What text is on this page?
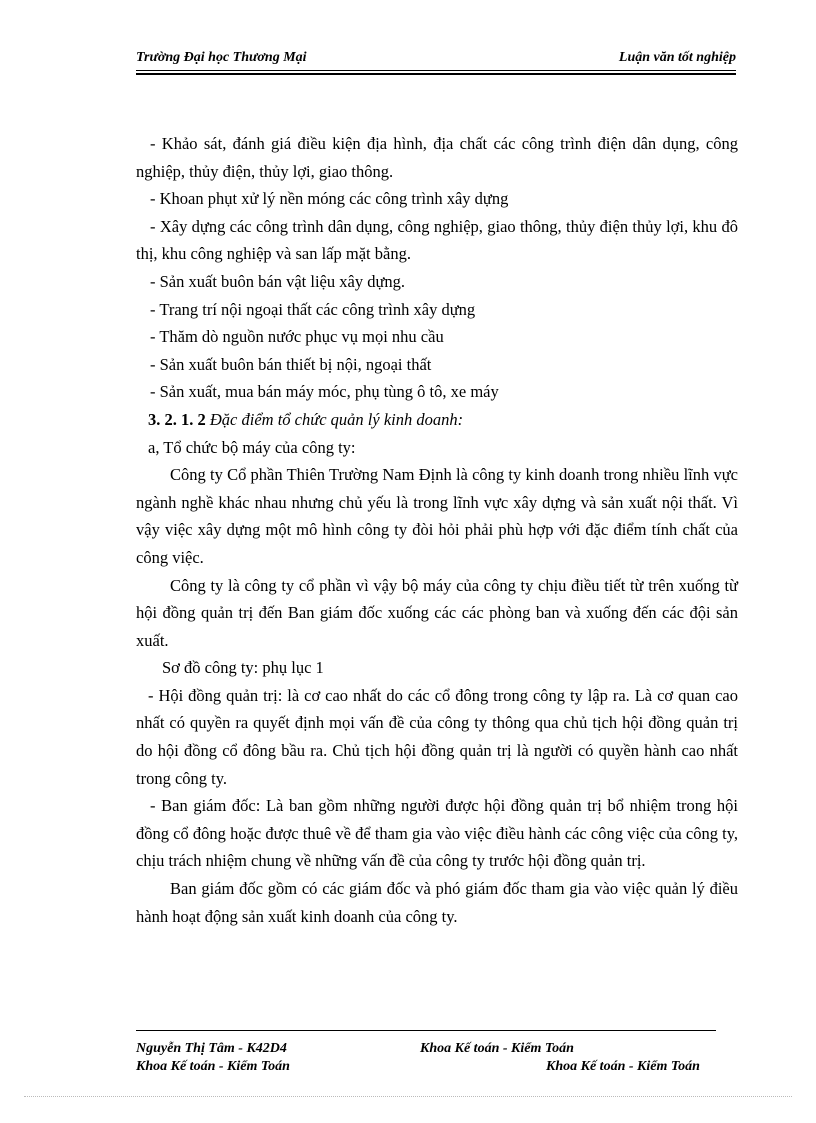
Trường Đại học Thương Mại	Luận văn tốt nghiệp

- Khảo sát, đánh giá điều kiện địa hình, địa chất các công trình điện dân dụng, công nghiệp, thủy điện, thủy lợi, giao thông.

- Khoan phụt xử lý nền móng các công trình xây dựng

- Xây dựng các công trình dân dụng, công nghiệp, giao thông, thủy điện thủy lợi, khu đô thị, khu công nghiệp và san lấp mặt bằng.

- Sản xuất buôn bán vật liệu xây dựng.

- Trang trí nội ngoại thất các công trình xây dựng

- Thăm dò nguồn nước phục vụ mọi nhu cầu

- Sản xuất buôn bán thiết bị nội, ngoại thất

- Sản xuất, mua bán máy móc, phụ tùng ô tô, xe máy

3. 2. 1. 2 Đặc điểm tổ chức quản lý kinh doanh:

a, Tổ chức bộ máy của công ty:

Công ty Cổ phần Thiên Trường Nam Định là công ty kinh doanh trong nhiều lĩnh vực ngành nghề khác nhau nhưng chủ yếu là trong lĩnh vực xây dựng và sản xuất nội thất. Vì vậy việc xây dựng một mô hình công ty đòi hỏi phải phù hợp với đặc điểm tính chất của công việc.

Công ty là công ty cổ phần vì vậy bộ máy của công ty chịu điều tiết từ trên xuống từ hội đồng quản trị đến Ban giám đốc xuống các các phòng ban và xuống đến các đội sản xuất.

Sơ đồ công ty: phụ lục 1

- Hội đồng quản trị: là cơ cao nhất do các cổ đông trong công ty lập ra. Là cơ quan cao nhất có quyền ra quyết định mọi vấn đề của công ty thông qua chủ tịch hội đồng quản trị do hội đồng cổ đông bầu ra. Chủ tịch hội đồng quản trị là người có quyền hành cao nhất trong công ty.

- Ban giám đốc: Là ban gồm những người được hội đồng quản trị bổ nhiệm trong hội đồng cổ đông hoặc được thuê về để tham gia vào việc điều hành các công việc của công ty, chịu trách nhiệm chung về những vấn đề của công ty trước hội đồng quản trị.

Ban giám đốc gồm có các giám đốc và phó giám đốc tham gia vào việc quản lý điều hành hoạt động sản xuất kinh doanh của công ty.

Nguyễn Thị Tâm - K42D4	Khoa Kế toán - Kiểm Toán
Khoa Kế toán - Kiểm Toán	Khoa Kế toán - Kiểm Toán
